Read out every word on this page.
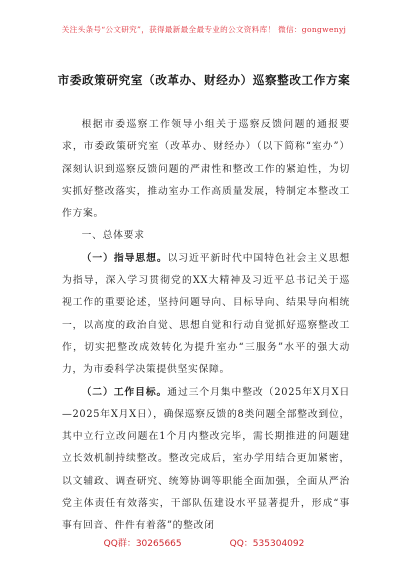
关注头条号“公文研究”，获得最新最全最专业的公文资料库！ 微信：gongwenyj
市委政策研究室（改革办、财经办）巡察整改工作方案

根据市委巡察工作领导小组关于巡察反馈问题的通报要求，市委政策研究室（改革办、财经办）（以下简称“室办”）深刻认识到巡察反馈问题的严肃性和整改工作的紧迫性，为切实抓好整改落实，推动室办工作高质量发展，特制定本整改工作方案。

一、总体要求

（一）指导思想。以习近平新时代中国特色社会主义思想为指导，深入学习贯彻党的XX大精神及习近平总书记关于巡视工作的重要论述，坚持问题导向、目标导向、结果导向相统一，以高度的政治自觉、思想自觉和行动自觉抓好巡察整改工作，切实把整改成效转化为提升室办“三服务”水平的强大动力，为市委科学决策提供坚实保障。

（二）工作目标。通过三个月集中整改（2025年X月X日—2025年X月X日），确保巡察反馈的8类问题全部整改到位，其中立行立改问题在1个月内整改完毕，需长期推进的问题建立长效机制持续整改。整改完成后，室办学用结合更加紧密，以文辅政、调查研究、统筹协调等职能全面加强，全面从严治党主体责任有效落实，干部队伍建设水平显著提升，形成“事事有回音、件件有着落”的整改闭

QQ群：30265665	QQ：535304092
